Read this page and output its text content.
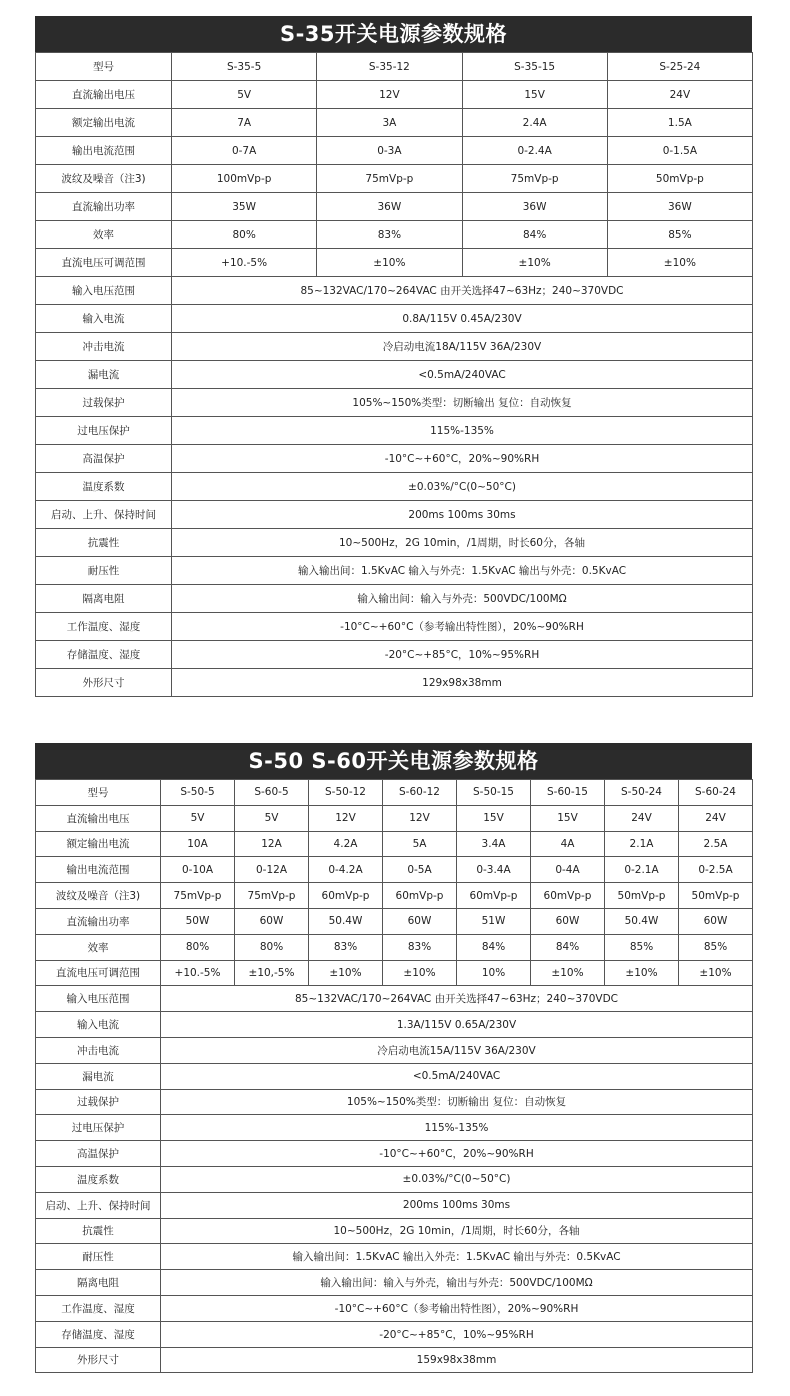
S-35开关电源参数规格
型号	S-35-5	S-35-12	S-35-15	S-25-24
直流输出电压	5V	12V	15V	24V
额定输出电流	7A	3A	2.4A	1.5A
输出电流范围	0-7A	0-3A	0-2.4A	0-1.5A
波纹及噪音（注3)	100mVp-p	75mVp-p	75mVp-p	50mVp-p
直流输出功率	35W	36W	36W	36W
效率	80%	83%	84%	85%
直流电压可调范围	+10.-5%	±10%	±10%	±10%
输入电压范围	85~132VAC/170~264VAC 由开关选择47~63Hz；240~370VDC			
输入电流	0.8A/115V 0.45A/230V			
冲击电流	冷启动电流18A/115V 36A/230V			
漏电流	<0.5mA/240VAC			
过载保护	105%~150%类型：切断输出 复位：自动恢复			
过电压保护	115%-135%			
高温保护	-10°C~+60°C，20%~90%RH			
温度系数	±0.03%/°C(0~50°C)			
启动、上升、保持时间	200ms 100ms 30ms			
抗震性	10~500Hz，2G 10min，/1周期，时长60分，各轴			
耐压性	输入输出间：1.5KvAC 输入与外壳：1.5KvAC 输出与外壳：0.5KvAC			
隔离电阻	输入输出间：输入与外壳：500VDC/100MΩ			
工作温度、湿度	-10°C~+60°C（参考输出特性图），20%~90%RH			
存储温度、湿度	-20°C~+85°C，10%~95%RH			
外形尺寸	129x98x38mm			
S-50 S-60开关电源参数规格
型号	S-50-5	S-60-5	S-50-12	S-60-12	S-50-15	S-60-15	S-50-24	S-60-24
直流输出电压	5V	5V	12V	12V	15V	15V	24V	24V
额定输出电流	10A	12A	4.2A	5A	3.4A	4A	2.1A	2.5A
输出电流范围	0-10A	0-12A	0-4.2A	0-5A	0-3.4A	0-4A	0-2.1A	0-2.5A
波纹及噪音（注3)	75mVp-p	75mVp-p	60mVp-p	60mVp-p	60mVp-p	60mVp-p	50mVp-p	50mVp-p
直流输出功率	50W	60W	50.4W	60W	51W	60W	50.4W	60W
效率	80%	80%	83%	83%	84%	84%	85%	85%
直流电压可调范围	+10.-5%	±10,-5%	±10%	±10%	10%	±10%	±10%	±10%
输入电压范围	85~132VAC/170~264VAC 由开关选择47~63Hz；240~370VDC							
输入电流	1.3A/115V 0.65A/230V							
冲击电流	冷启动电流15A/115V 36A/230V							
漏电流	<0.5mA/240VAC							
过载保护	105%~150%类型：切断输出 复位：自动恢复							
过电压保护	115%-135%							
高温保护	-10°C~+60°C，20%~90%RH							
温度系数	±0.03%/°C(0~50°C)							
启动、上升、保持时间	200ms 100ms 30ms							
抗震性	10~500Hz，2G 10min，/1周期，时长60分，各轴							
耐压性	输入输出间：1.5KvAC 输出入外壳：1.5KvAC 输出与外壳：0.5KvAC							
隔离电阻	输入输出间：输入与外壳，输出与外壳：500VDC/100MΩ							
工作温度、湿度	-10°C~+60°C（参考输出特性图），20%~90%RH							
存储温度、湿度	-20°C~+85°C，10%~95%RH							
外形尺寸	159x98x38mm							
